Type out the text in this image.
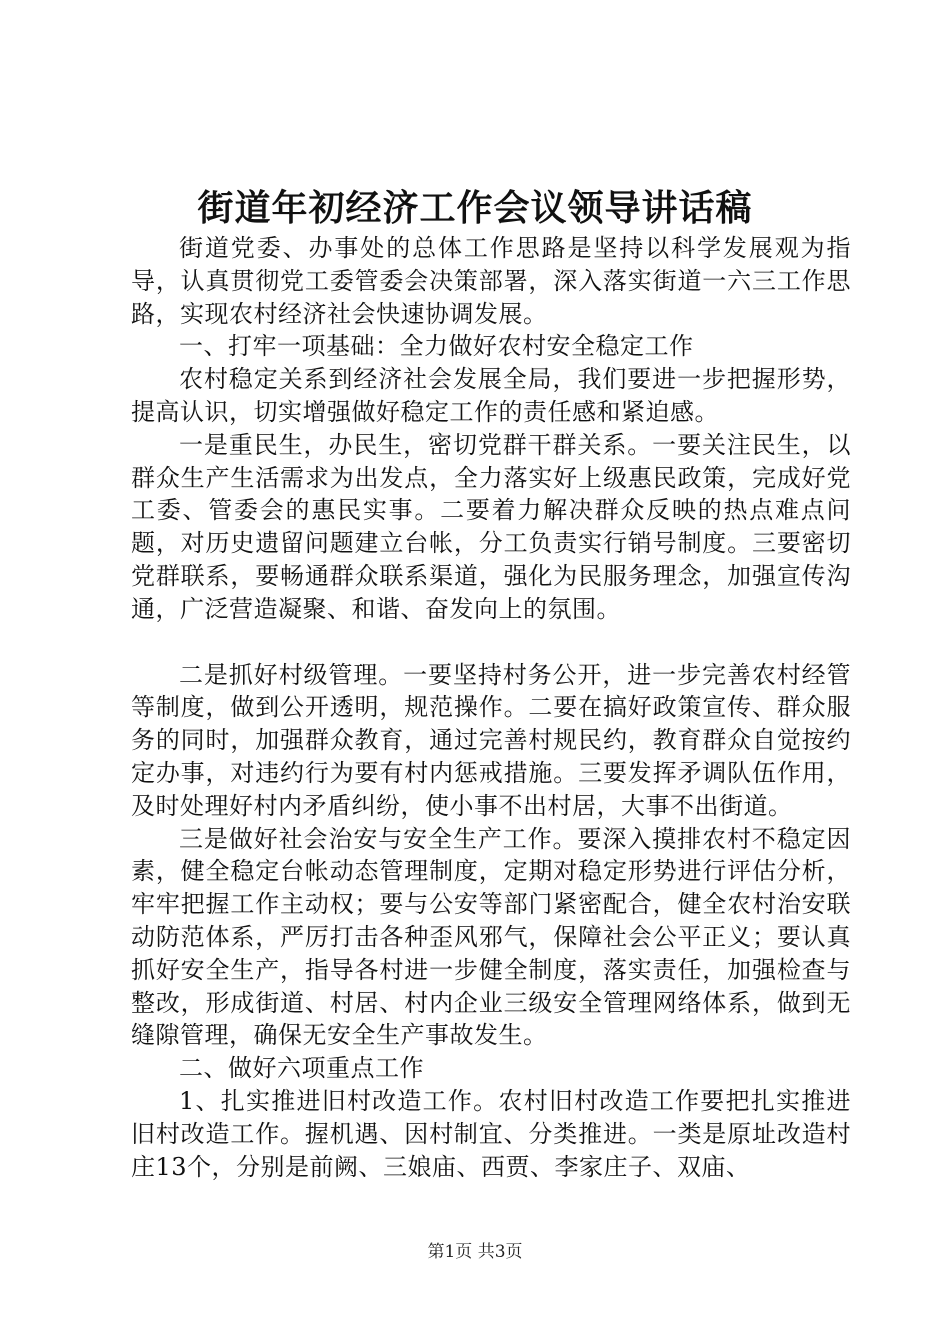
街道年初经济工作会议领导讲话稿

街道党委、办事处的总体工作思路是坚持以科学发展观为指导，认真贯彻党工委管委会决策部署，深入落实街道一六三工作思路，实现农村经济社会快速协调发展。

一、打牢一项基础：全力做好农村安全稳定工作

农村稳定关系到经济社会发展全局，我们要进一步把握形势，提高认识，切实增强做好稳定工作的责任感和紧迫感。

一是重民生，办民生，密切党群干群关系。一要关注民生，以群众生产生活需求为出发点，全力落实好上级惠民政策，完成好党工委、管委会的惠民实事。二要着力解决群众反映的热点难点问题，对历史遗留问题建立台帐，分工负责实行销号制度。三要密切党群联系，要畅通群众联系渠道，强化为民服务理念，加强宣传沟通，广泛营造凝聚、和谐、奋发向上的氛围。

二是抓好村级管理。一要坚持村务公开，进一步完善农村经管等制度，做到公开透明，规范操作。二要在搞好政策宣传、群众服务的同时，加强群众教育，通过完善村规民约，教育群众自觉按约定办事，对违约行为要有村内惩戒措施。三要发挥矛调队伍作用，及时处理好村内矛盾纠纷，使小事不出村居，大事不出街道。

三是做好社会治安与安全生产工作。要深入摸排农村不稳定因素，健全稳定台帐动态管理制度，定期对稳定形势进行评估分析，牢牢把握工作主动权；要与公安等部门紧密配合，健全农村治安联动防范体系，严厉打击各种歪风邪气，保障社会公平正义；要认真抓好安全生产，指导各村进一步健全制度，落实责任，加强检查与整改，形成街道、村居、村内企业三级安全管理网络体系，做到无缝隙管理，确保无安全生产事故发生。

二、做好六项重点工作

1、扎实推进旧村改造工作。农村旧村改造工作要把扎实推进旧村改造工作。握机遇、因村制宜、分类推进。一类是原址改造村庄13个，分别是前阙、三娘庙、西贾、李家庄子、双庙、

第1页 共3页
